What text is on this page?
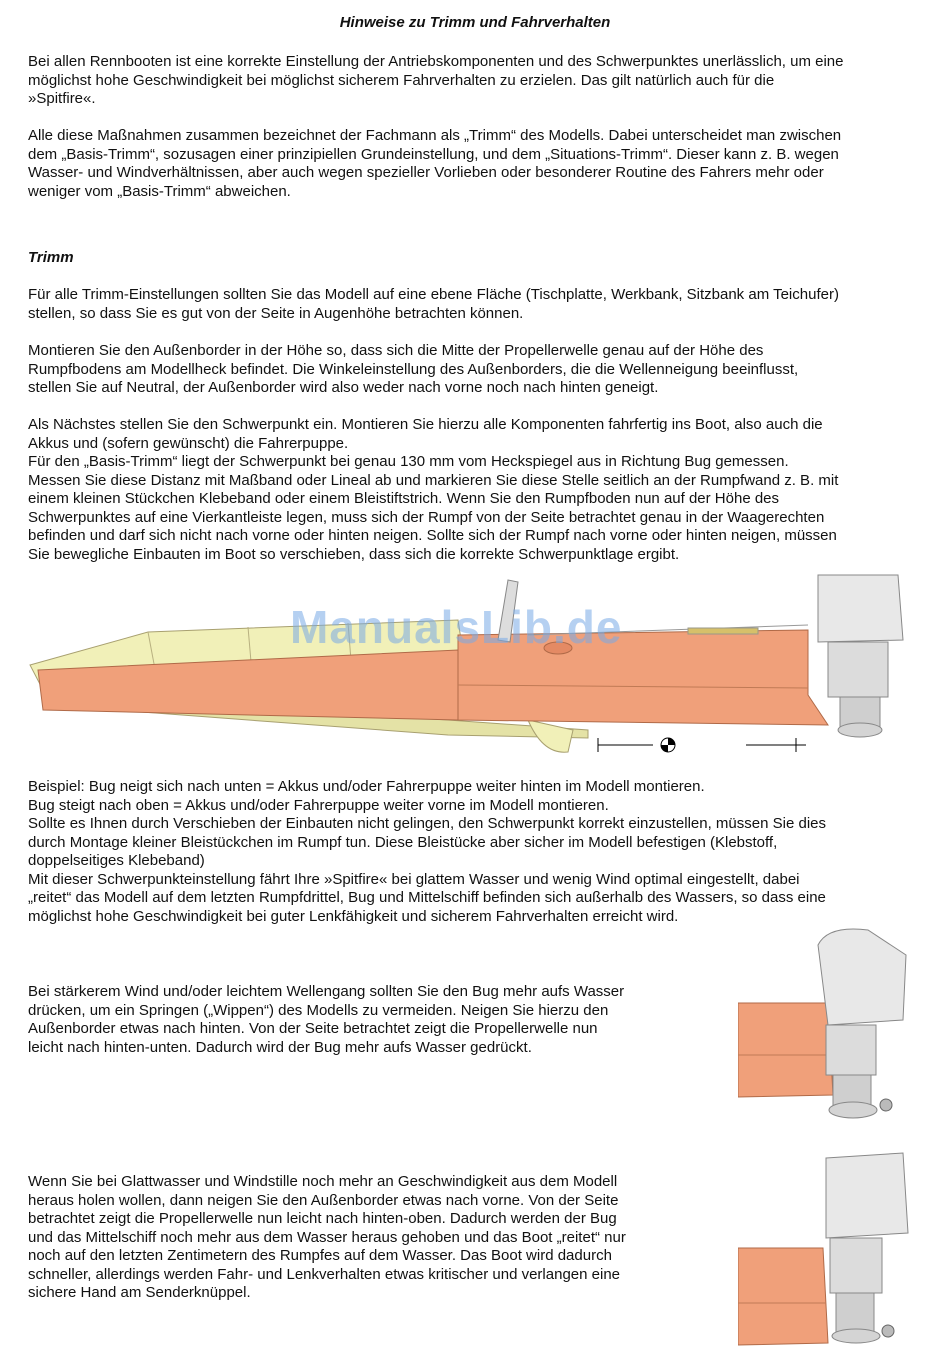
Hinweise zu Trimm und Fahrverhalten

Bei allen Rennbooten ist eine korrekte Einstellung der Antriebskomponenten und des Schwerpunktes unerlässlich, um eine
möglichst hohe Geschwindigkeit bei möglichst sicherem Fahrverhalten zu erzielen. Das gilt natürlich auch für die
»Spitfire«.

Alle diese Maßnahmen zusammen bezeichnet der Fachmann als „Trimm“ des Modells. Dabei unterscheidet man zwischen
dem „Basis-Trimm“, sozusagen einer prinzipiellen Grundeinstellung, und dem „Situations-Trimm“. Dieser kann z. B. wegen
Wasser- und Windverhältnissen, aber auch wegen spezieller Vorlieben oder besonderer Routine des Fahrers mehr oder
weniger vom „Basis-Trimm“ abweichen.

Trimm

Für alle Trimm-Einstellungen sollten Sie das Modell auf eine ebene Fläche (Tischplatte, Werkbank, Sitzbank am Teichufer)
stellen, so dass Sie es gut von der Seite in Augenhöhe betrachten können.

Montieren Sie den Außenborder in der Höhe so, dass sich die Mitte der Propellerwelle genau auf der Höhe des
Rumpfbodens am Modellheck befindet. Die Winkeleinstellung des Außenborders, die die Wellenneigung beeinflusst,
stellen Sie auf Neutral, der Außenborder wird also weder nach vorne noch nach hinten geneigt.

Als Nächstes stellen Sie den Schwerpunkt ein. Montieren Sie hierzu alle Komponenten fahrfertig ins Boot, also auch die
Akkus und (sofern gewünscht) die Fahrerpuppe.
Für den „Basis-Trimm“ liegt der Schwerpunkt bei genau 130 mm vom Heckspiegel aus in Richtung Bug gemessen.
Messen Sie diese Distanz mit Maßband oder Lineal ab und markieren Sie diese Stelle seitlich an der Rumpfwand z. B. mit
einem kleinen Stückchen Klebeband oder einem Bleistiftstrich. Wenn Sie den Rumpfboden nun auf der Höhe des
Schwerpunktes auf eine Vierkantleiste legen, muss sich der Rumpf von der Seite betrachtet genau in der Waagerechten
befinden und darf sich nicht nach vorne oder hinten neigen. Sollte sich der Rumpf nach vorne oder hinten neigen, müssen
Sie bewegliche Einbauten im Boot so verschieben, dass sich die korrekte Schwerpunktlage ergibt.

ManualsLib.de

Beispiel: Bug neigt sich nach unten = Akkus und/oder Fahrerpuppe weiter hinten im Modell montieren.
Bug steigt nach oben = Akkus und/oder Fahrerpuppe weiter vorne im Modell montieren.
Sollte es Ihnen durch Verschieben der Einbauten nicht gelingen, den Schwerpunkt korrekt einzustellen, müssen Sie dies
durch Montage kleiner Bleistückchen im Rumpf tun. Diese Bleistücke aber sicher im Modell befestigen (Klebstoff,
doppelseitiges Klebeband)
Mit dieser Schwerpunkteinstellung fährt Ihre »Spitfire« bei glattem Wasser und wenig Wind optimal eingestellt, dabei
„reitet“ das Modell auf dem letzten Rumpfdrittel, Bug und Mittelschiff befinden sich außerhalb des Wassers, so dass eine
möglichst hohe Geschwindigkeit bei guter Lenkfähigkeit und sicherem Fahrverhalten erreicht wird.

Bei stärkerem Wind und/oder leichtem Wellengang sollten Sie den Bug mehr aufs Wasser
drücken, um ein Springen („Wippen“) des Modells zu vermeiden. Neigen Sie hierzu den
Außenborder etwas nach hinten. Von der Seite betrachtet zeigt die Propellerwelle nun
leicht nach hinten-unten. Dadurch wird der Bug mehr aufs Wasser gedrückt.

Wenn Sie bei Glattwasser und Windstille noch mehr an Geschwindigkeit aus dem Modell
heraus holen wollen, dann neigen Sie den Außenborder etwas nach vorne. Von der Seite
betrachtet zeigt die Propellerwelle nun leicht nach hinten-oben. Dadurch werden der Bug
und das Mittelschiff noch mehr aus dem Wasser heraus gehoben und das Boot „reitet“ nur
noch auf den letzten Zentimetern des Rumpfes auf dem Wasser. Das Boot wird dadurch
schneller, allerdings werden Fahr- und Lenkverhalten etwas kritischer und verlangen eine
sichere Hand am Senderknüppel.
